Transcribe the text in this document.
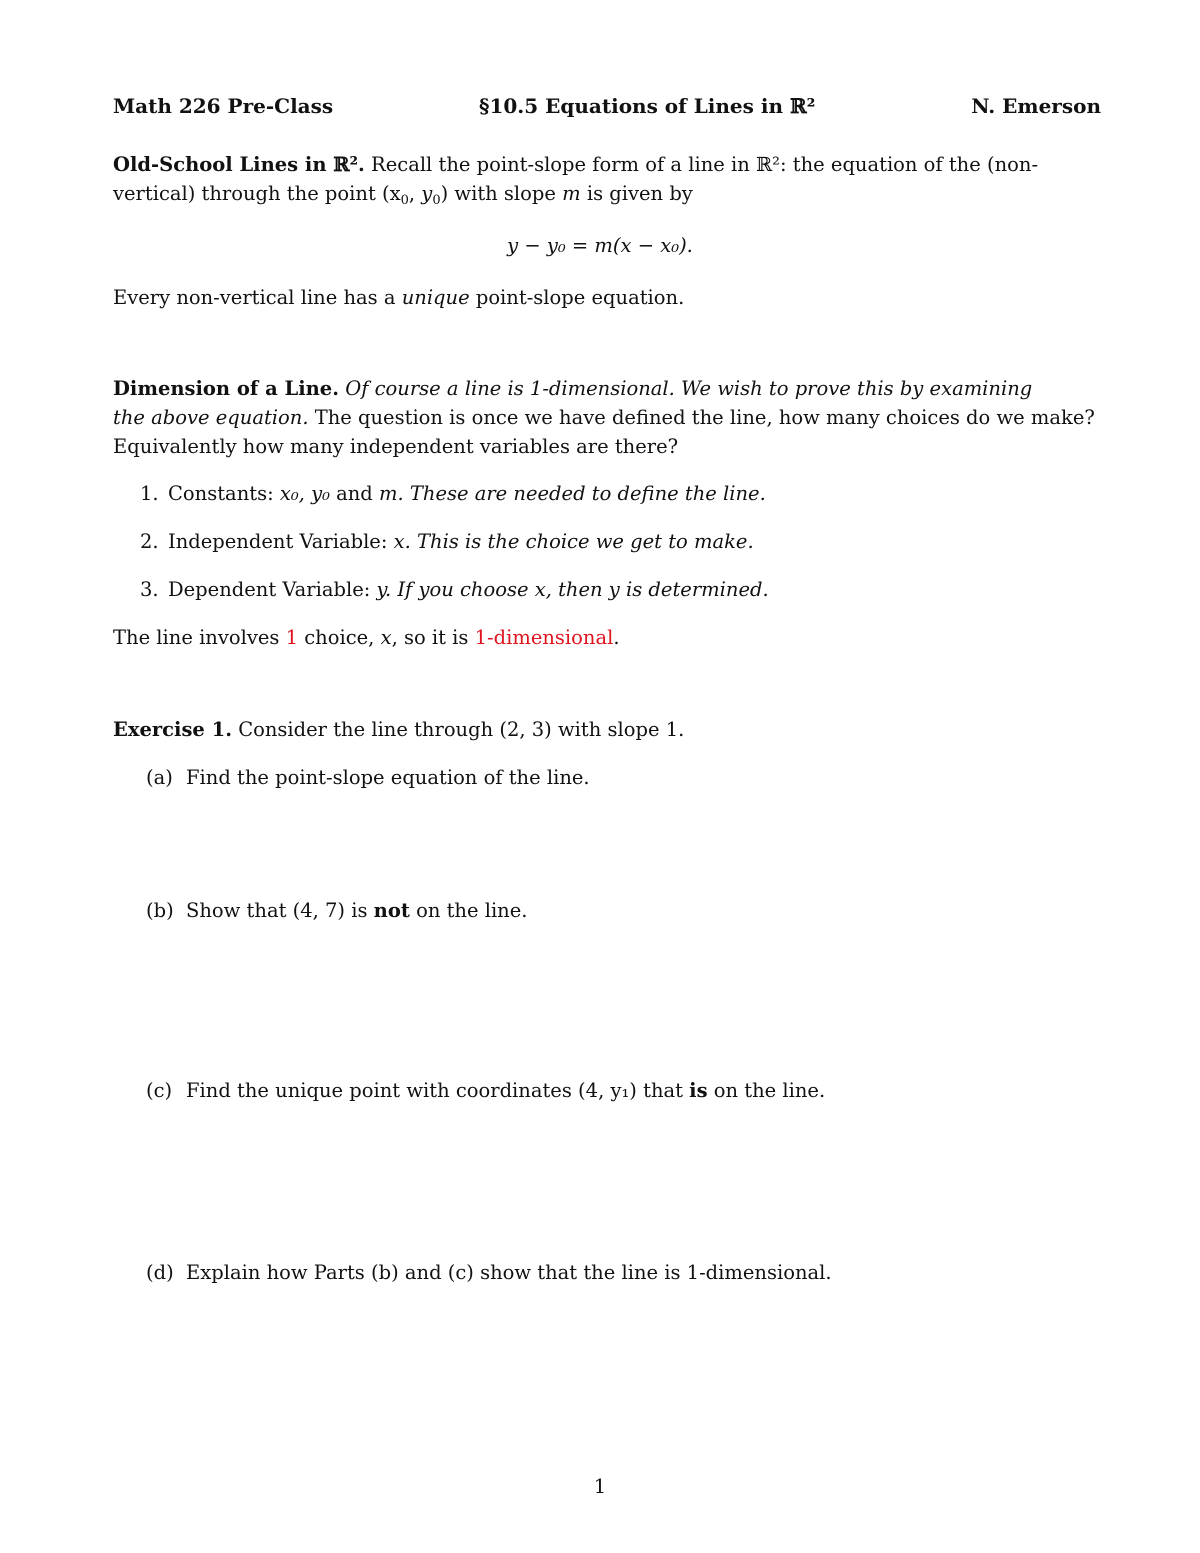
Math 226 Pre-Class	§10.5 Equations of Lines in ℝ²	N. Emerson
Old-School Lines in ℝ². Recall the point-slope form of a line in ℝ²: the equation of the (non-
vertical) through the point ($x_0$, $y_0$) with slope m is given by
y − y₀ = m(x − x₀).
Every non-vertical line has a unique point-slope equation.
Dimension of a Line. Of course a line is 1-dimensional. We wish to prove this by examining
the above equation. The question is once we have defined the line, how many choices do we make?
Equivalently how many independent variables are there?
1. Constants: x₀, y₀ and m. These are needed to define the line.
2. Independent Variable: x. This is the choice we get to make.
3. Dependent Variable: y. If you choose x, then y is determined.
The line involves 1 choice, x, so it is 1-dimensional.
Exercise 1. Consider the line through (2, 3) with slope 1.
(a) Find the point-slope equation of the line.
(b) Show that (4, 7) is not on the line.
(c) Find the unique point with coordinates (4, y₁) that is on the line.
(d) Explain how Parts (b) and (c) show that the line is 1-dimensional.
1
